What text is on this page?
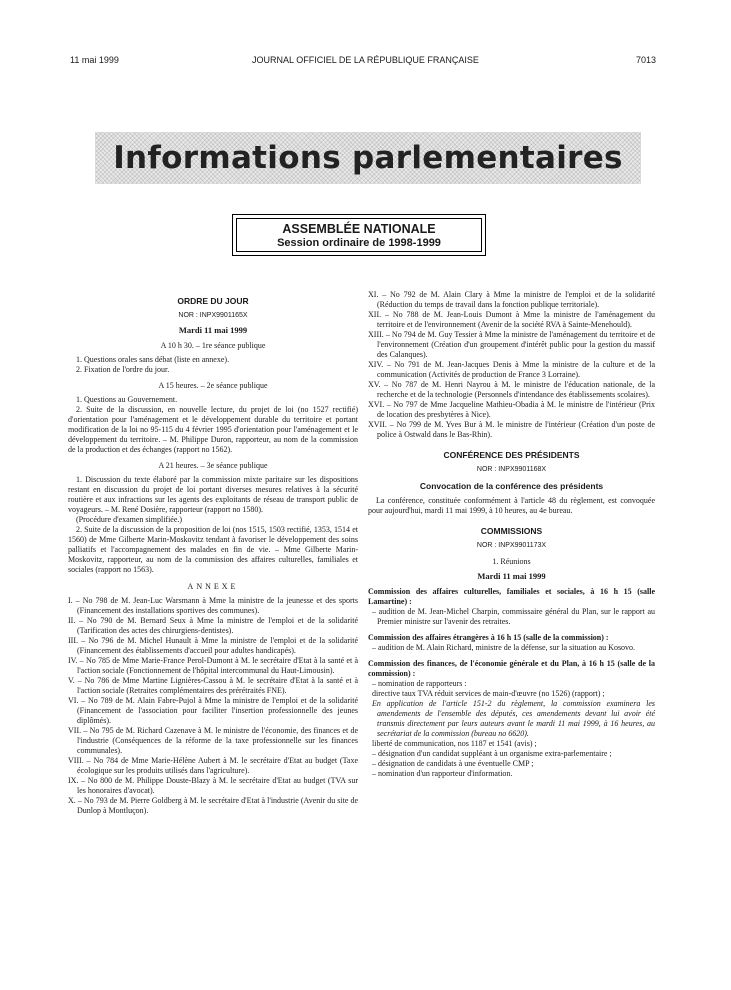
11 mai 1999	JOURNAL OFFICIEL DE LA RÉPUBLIQUE FRANÇAISE	7013
Informations parlementaires
ASSEMBLÉE NATIONALE
Session ordinaire de 1998-1999
ORDRE DU JOUR
NOR : INPX9901165X
Mardi 11 mai 1999
A 10 h 30. – 1re séance publique
1. Questions orales sans débat (liste en annexe).
2. Fixation de l'ordre du jour.
A 15 heures. – 2e séance publique
1. Questions au Gouvernement.
2. Suite de la discussion, en nouvelle lecture, du projet de loi (no 1527 rectifié) d'orientation pour l'aménagement et le développement durable du territoire et portant modification de la loi no 95-115 du 4 février 1995 d'orientation pour l'aménagement et le développement du territoire. – M. Philippe Duron, rapporteur, au nom de la commission de la production et des échanges (rapport no 1562).
A 21 heures. – 3e séance publique
1. Discussion du texte élaboré par la commission mixte paritaire sur les dispositions restant en discussion du projet de loi portant diverses mesures relatives à la sécurité routière et aux infractions sur les agents des exploitants de réseau de transport public de voyageurs. – M. René Dosière, rapporteur (rapport no 1580).
(Procédure d'examen simplifiée.)
2. Suite de la discussion de la proposition de loi (nos 1515, 1503 rectifié, 1353, 1514 et 1560) de Mme Gilberte Marin-Moskovitz tendant à favoriser le développement des soins palliatifs et l'accompagnement des malades en fin de vie. – Mme Gilberte Marin-Moskovitz, rapporteur, au nom de la commission des affaires culturelles, familiales et sociales (rapport no 1563).
ANNEXE
I. – No 798 de M. Jean-Luc Warsmann à Mme la ministre de la jeunesse et des sports (Financement des installations sportives des communes).
II. – No 790 de M. Bernard Seux à Mme la ministre de l'emploi et de la solidarité (Tarification des actes des chirurgiens-dentistes).
III. – No 796 de M. Michel Hunault à Mme la ministre de l'emploi et de la solidarité (Financement des établissements d'accueil pour adultes handicapés).
IV. – No 785 de Mme Marie-France Perol-Dumont à M. le secrétaire d'Etat à la santé et à l'action sociale (Fonctionnement de l'hôpital intercommunal du Haut-Limousin).
V. – No 786 de Mme Martine Lignières-Cassou à M. le secrétaire d'Etat à la santé et à l'action sociale (Retraites complémentaires des prérétraités FNE).
VI. – No 789 de M. Alain Fabre-Pujol à Mme la ministre de l'emploi et de la solidarité (Financement de l'association pour faciliter l'insertion professionnelle des jeunes diplômés).
VII. – No 795 de M. Richard Cazenave à M. le ministre de l'économie, des finances et de l'industrie (Conséquences de la réforme de la taxe professionnelle sur les finances communales).
VIII. – No 784 de Mme Marie-Hélène Aubert à M. le secrétaire d'Etat au budget (Taxe écologique sur les produits utilisés dans l'agriculture).
IX. – No 800 de M. Philippe Douste-Blazy à M. le secrétaire d'Etat au budget (TVA sur les honoraires d'avocat).
X. – No 793 de M. Pierre Goldberg à M. le secrétaire d'Etat à l'industrie (Avenir du site de Dunlop à Montluçon).
XI. – No 792 de M. Alain Clary à Mme la ministre de l'emploi et de la solidarité (Réduction du temps de travail dans la fonction publique territoriale).
XII. – No 788 de M. Jean-Louis Dumont à Mme la ministre de l'aménagement du territoire et de l'environnement (Avenir de la société RVA à Sainte-Menehould).
XIII. – No 794 de M. Guy Tessier à Mme la ministre de l'aménagement du territoire et de l'environnement (Création d'un groupement d'intérêt public pour la gestion du massif des Calanques).
XIV. – No 791 de M. Jean-Jacques Denis à Mme la ministre de la culture et de la communication (Activités de production de France 3 Lorraine).
XV. – No 787 de M. Henri Nayrou à M. le ministre de l'éducation nationale, de la recherche et de la technologie (Personnels d'intendance des établissements scolaires).
XVI. – No 797 de Mme Jacqueline Mathieu-Obadia à M. le ministre de l'intérieur (Prix de location des presbytères à Nice).
XVII. – No 799 de M. Yves Bur à M. le ministre de l'intérieur (Création d'un poste de police à Ostwald dans le Bas-Rhin).
CONFÉRENCE DES PRÉSIDENTS
NOR : INPX9901168X
Convocation de la conférence des présidents
La conférence, constituée conformément à l'article 48 du règlement, est convoquée pour aujourd'hui, mardi 11 mai 1999, à 10 heures, au 4e bureau.
COMMISSIONS
NOR : INPX9901173X
1. Réunions
Mardi 11 mai 1999
Commission des affaires culturelles, familiales et sociales, à 16 h 15 (salle Lamartine) :
– audition de M. Jean-Michel Charpin, commissaire général du Plan, sur le rapport au Premier ministre sur l'avenir des retraites.
Commission des affaires étrangères à 16 h 15 (salle de la commission) :
– audition de M. Alain Richard, ministre de la défense, sur la situation au Kosovo.
Commission des finances, de l'économie générale et du Plan, à 16 h 15 (salle de la commission) :
– nomination de rapporteurs :
directive taux TVA réduit services de main-d'œuvre (no 1526) (rapport) ;
En application de l'article 151-2 du règlement, la commission examinera les amendements de l'ensemble des députés, ces amendements devant lui avoir été transmis directement par leurs auteurs avant le mardi 11 mai 1999, à 16 heures, au secrétariat de la commission (bureau no 6620).
liberté de communication, nos 1187 et 1541 (avis) ;
– désignation d'un candidat suppléant à un organisme extra-parlementaire ;
– désignation de candidats à une éventuelle CMP ;
– nomination d'un rapporteur d'information.
